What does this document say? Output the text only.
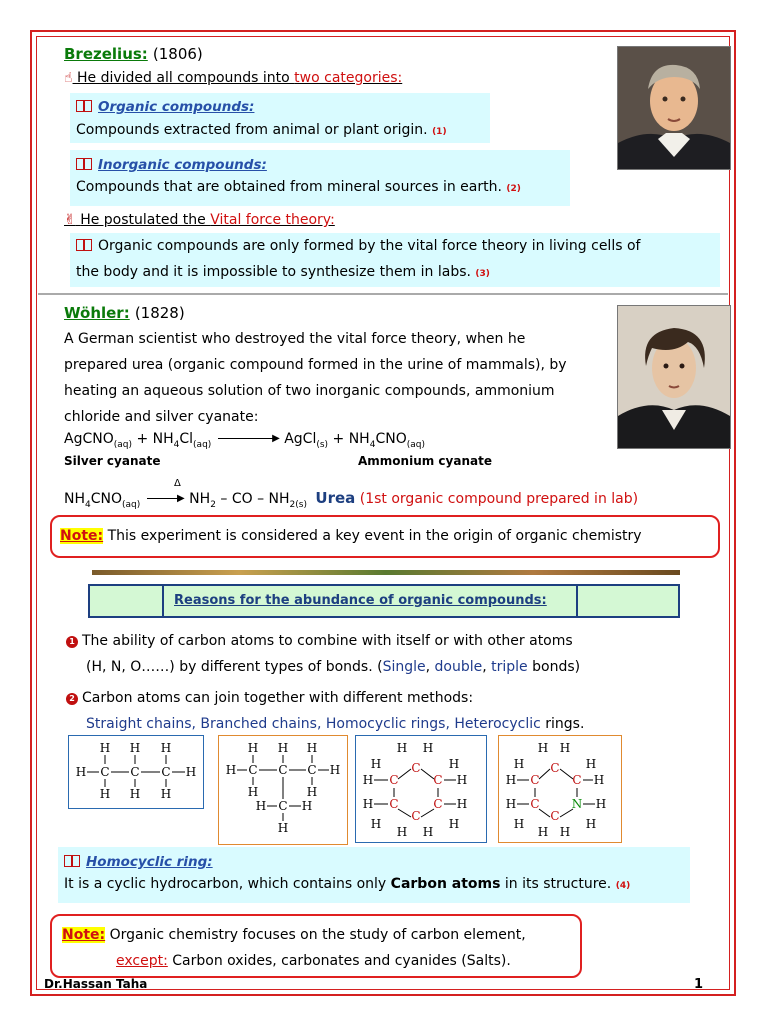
Brezelius: (1806)
☝ He divided all compounds into two categories:
Organic compounds:
Compounds extracted from animal or plant origin. (1)
Inorganic compounds:
Compounds that are obtained from mineral sources in earth. (2)
✌ He postulated the Vital force theory:
Organic compounds are only formed by the vital force theory in living cells of
the body and it is impossible to synthesize them in labs. (3)
Wöhler: (1828)
A German scientist who destroyed the vital force theory, when he
prepared urea (organic compound formed in the urine of mammals), by
heating an aqueous solution of two inorganic compounds, ammonium
chloride and silver cyanate:
AgCNO$_{(aq)}$ + $NH_4Cl_{(aq)}$
▶ AgCl$_{(s)}$ + $NH_4CNO_{(aq)}$
Silver cyanate	Ammonium cyanate
Δ
$NH_4CNO_{(aq)}$
▶ $NH_2$ – CO – $NH_{2(s)}$ Urea (1st organic compound prepared in lab)
Note: This experiment is considered a key event in the origin of organic chemistry
Reasons for the abundance of organic compounds:
1 The ability of carbon atoms to combine with itself or with other atoms
(H, N, O……) by different types of bonds. (Single, double, triple bonds)
2 Carbon atoms can join together with different methods:
Straight chains, Branched chains, Homocyclic rings, Heterocyclic rings.
H H H
H C C C H
H H H
H H H
H C C C H
H	H
H C H
H
H H
C
H	H
C	C
H	H
C	C
H	H
C
H	H
H H
H H
C
H	H
C	C
H	H
C	N
H	H
C
H	H
H H
Homocyclic ring:
It is a cyclic hydrocarbon, which contains only Carbon atoms in its structure. (4)
Note: Organic chemistry focuses on the study of carbon element,
except: Carbon oxides, carbonates and cyanides (Salts).
Dr.Hassan Taha	1
